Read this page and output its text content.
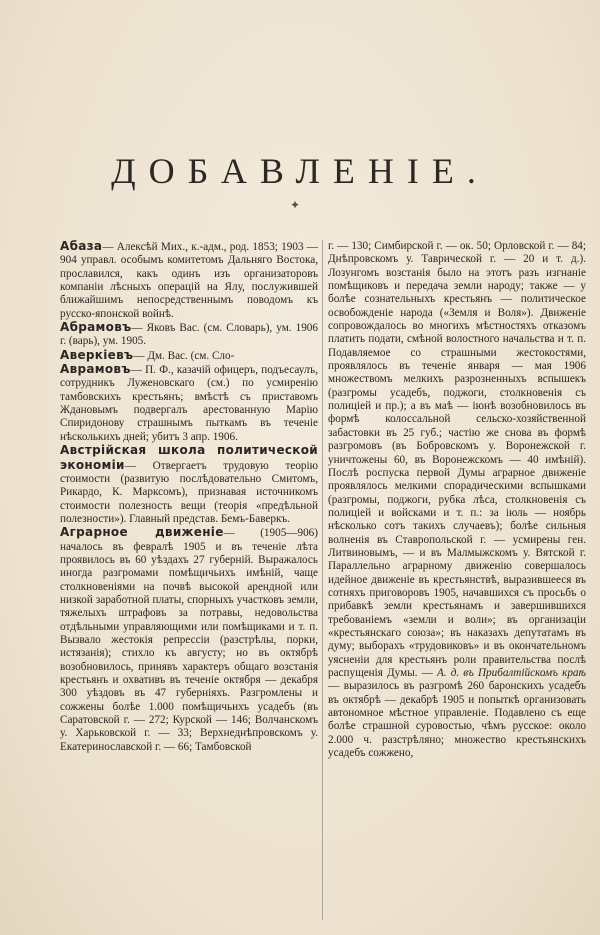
ДОБАВЛЕНІЕ.
✦

Абаза— Алексѣй Мих., к.-адм., род. 1853; 1903 — 904 управл. особымъ комитетомъ Дальняго Востока, прославился, какъ одинъ изъ организаторовъ компаніи лѣсныхъ операцій на Ялу, послужившей ближайшимъ непосредственнымъ поводомъ къ русско-японской войнѣ.

Абрамовъ— Яковъ Вас. (см. Словарь), ум. 1906 г. (варь), ум. 1905.

Аверкіевъ— Дм. Вас. (см. Сло-

Аврамовъ— П. Ф., казачій офицеръ, подъесаулъ, сотрудникъ Луженовскаго (см.) по усмиренію тамбовскихъ крестьянъ; вмѣстѣ съ приставомъ Ждановымъ подвергалъ арестованную Марію Спиридонову страшнымъ пыткамъ въ теченіе нѣсколькихъ дней; убитъ 3 апр. 1906.

Австрійская школа политической экономіи— Отвергаетъ трудовую теорію стоимости (развитую послѣдовательно Смитомъ, Рикардо, К. Марксомъ), признавая источникомъ стоимости полезность вещи (теорія «предѣльной полезности»). Главный представ. Бемъ-Баверкъ.

Аграрное движеніе— (1905—906) началось въ февралѣ 1905 и въ теченіе лѣта проявилось въ 60 уѣздахъ 27 губерній. Выражалось иногда разгромами помѣщичьихъ имѣній, чаще столкновеніями на почвѣ высокой арендной или низкой заработной платы, спорныхъ участковъ земли, тяжелыхъ штрафовъ за потравы, недовольства отдѣльными управляющими или помѣщиками и т. п. Вызвало жестокія репрессіи (разстрѣлы, порки, истязанія); стихло къ августу; но въ октябрѣ возобновилось, принявъ характеръ общаго возстанія крестьянъ и охвативъ въ теченіе октября — декабря 300 уѣздовъ въ 47 губерніяхъ. Разгромлены и сожжены болѣе 1.000 помѣщичьихъ усадебъ (въ Саратовской г. — 272; Курской — 146; Волчанскомъ у. Харьковской г. — 33; Верхнеднѣпровскомъ у. Екатеринославской г. — 66; Тамбовской

г. — 130; Симбирской г. — ок. 50; Орловской г. — 84; Днѣпровскомъ у. Таврической г. — 20 и т. д.). Лозунгомъ возстанія было на этотъ разъ изгнаніе помѣщиковъ и передача земли народу; также — у болѣе сознательныхъ крестьянъ — политическое освобожденіе народа («Земля и Воля»). Движеніе сопровождалось во многихъ мѣстностяхъ отказомъ платить подати, смѣной волостного начальства и т. п. Подавляемое со страшными жестокостями, проявлялось въ теченіе января — мая 1906 множествомъ мелкихъ разрозненныхъ вспышекъ (разгромы усадебъ, поджоги, столкновенія съ полиціей и пр.); а въ маѣ — іюнѣ возобновилось въ формѣ колоссальной сельско-хозяйственной забастовки въ 25 губ.; частію же снова въ формѣ разгромовъ (въ Бобровскомъ у. Воронежской г. уничтожены 60, въ Воронежскомъ — 40 имѣній). Послѣ роспуска первой Думы аграрное движеніе проявлялось мелкими спорадическими вспышками (разгромы, поджоги, рубка лѣса, столкновенія съ полиціей и войсками и т. п.: за іюль — ноябрь нѣсколько сотъ такихъ случаевъ); болѣе сильныя волненія въ Ставропольской г. — усмирены ген. Литвиновымъ, — и въ Малмыжскомъ у. Вятской г. Параллельно аграрному движенію совершалось идейное движеніе въ крестьянствѣ, выразившееся въ сотняхъ приговоровъ 1905, начавшихся съ просьбъ о прибавкѣ земли крестьянамъ и завершившихся требованіемъ «земли и воли»; въ организаціи «крестьянскаго союза»; въ наказахъ депутатамъ въ думу; выборахъ «трудовиковъ» и въ окончательномъ уясненіи для крестьянъ роли правительства послѣ распущенія Думы. — А. д. въ Прибалтійскомъ краѣ — выразилось въ разгромѣ 260 баронскихъ усадебъ въ октябрѣ — декабрѣ 1905 и попыткѣ организовать автономное мѣстное управленіе. Подавлено съ еще болѣе страшной суровостью, чѣмъ русское: около 2.000 ч. разстрѣляно; множество крестьянскихъ усадебъ сожжено,
